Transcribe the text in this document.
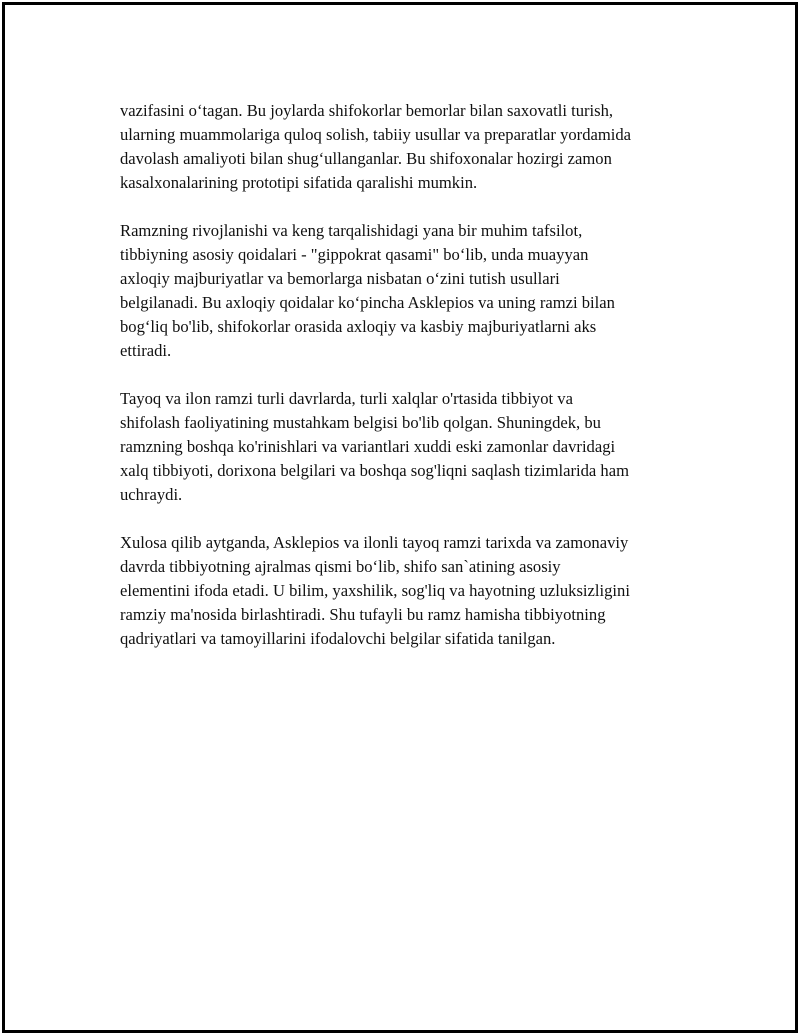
vazifasini o‘tagan. Bu joylarda shifokorlar bemorlar bilan saxovatli turish,
ularning muammolariga quloq solish, tabiiy usullar va preparatlar yordamida
davolash amaliyoti bilan shug‘ullanganlar. Bu shifoxonalar hozirgi zamon
kasalxonalarining prototipi sifatida qaralishi mumkin.

Ramzning rivojlanishi va keng tarqalishidagi yana bir muhim tafsilot,
tibbiyning asosiy qoidalari - "gippokrat qasami" bo‘lib, unda muayyan
axloqiy majburiyatlar va bemorlarga nisbatan o‘zini tutish usullari
belgilanadi. Bu axloqiy qoidalar ko‘pincha Asklepios va uning ramzi bilan
bog‘liq bo'lib, shifokorlar orasida axloqiy va kasbiy majburiyatlarni aks
ettiradi.

Tayoq va ilon ramzi turli davrlarda, turli xalqlar o'rtasida tibbiyot va
shifolash faoliyatining mustahkam belgisi bo'lib qolgan. Shuningdek, bu
ramzning boshqa ko'rinishlari va variantlari xuddi eski zamonlar davridagi
xalq tibbiyoti, dorixona belgilari va boshqa sog'liqni saqlash tizimlarida ham
uchraydi.

Xulosa qilib aytganda, Asklepios va ilonli tayoq ramzi tarixda va zamonaviy
davrda tibbiyotning ajralmas qismi bo‘lib, shifo san`atining asosiy
elementini ifoda etadi. U bilim, yaxshilik, sog'liq va hayotning uzluksizligini
ramziy ma'nosida birlashtiradi. Shu tufayli bu ramz hamisha tibbiyotning
qadriyatlari va tamoyillarini ifodalovchi belgilar sifatida tanilgan.
